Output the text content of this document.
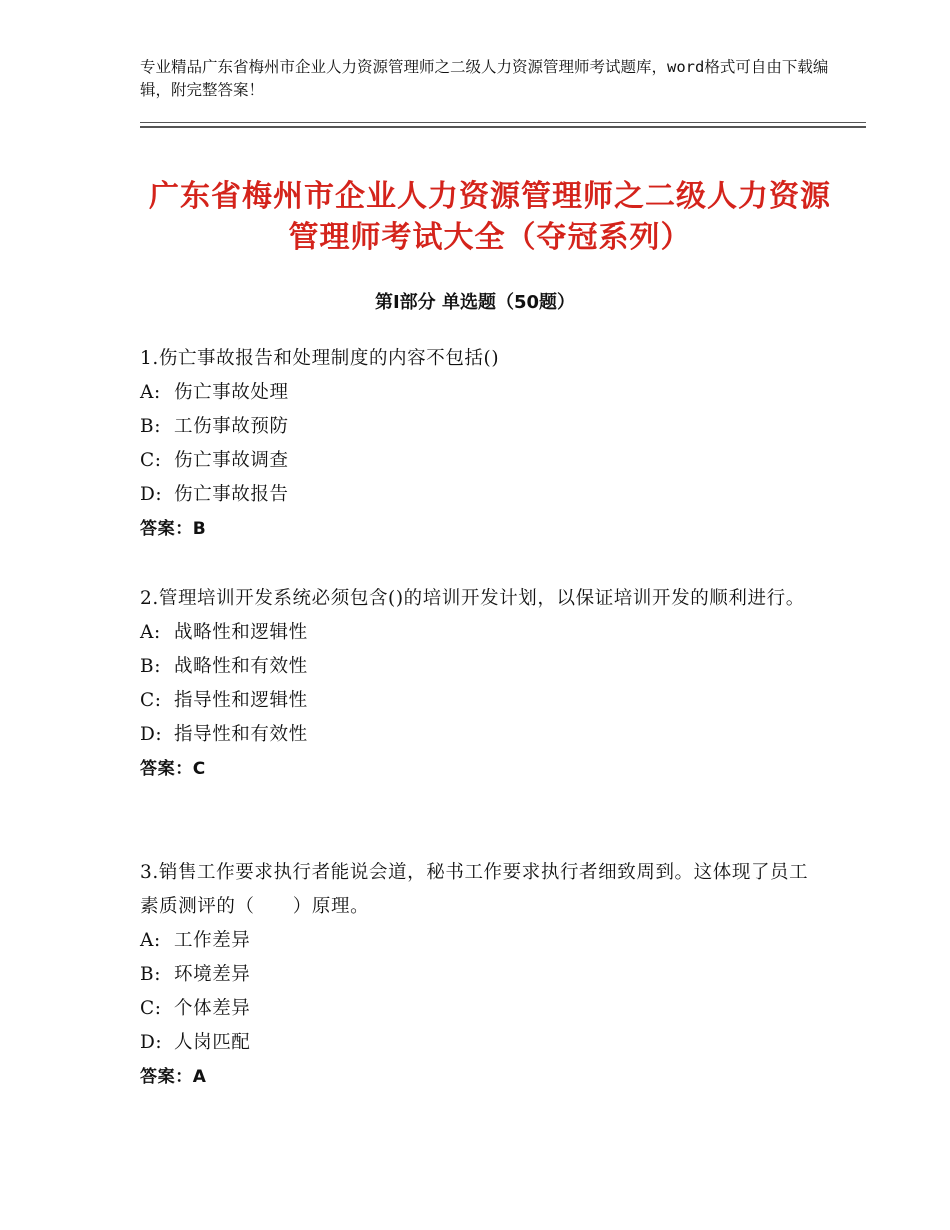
专业精品广东省梅州市企业人力资源管理师之二级人力资源管理师考试题库，word格式可自由下载编辑，附完整答案！
广东省梅州市企业人力资源管理师之二级人力资源管理师考试大全（夺冠系列）
第Ⅰ部分 单选题（50题）

1.伤亡事故报告和处理制度的内容不包括()

A: 伤亡事故处理

B: 工伤事故预防

C: 伤亡事故调查

D: 伤亡事故报告

答案：B

2.管理培训开发系统必须包含()的培训开发计划，以保证培训开发的顺利进行。

A: 战略性和逻辑性

B: 战略性和有效性

C: 指导性和逻辑性

D: 指导性和有效性

答案：C

3.销售工作要求执行者能说会道，秘书工作要求执行者细致周到。这体现了员工素质测评的（　　）原理。

A: 工作差异

B: 环境差异

C: 个体差异

D: 人岗匹配

答案：A
